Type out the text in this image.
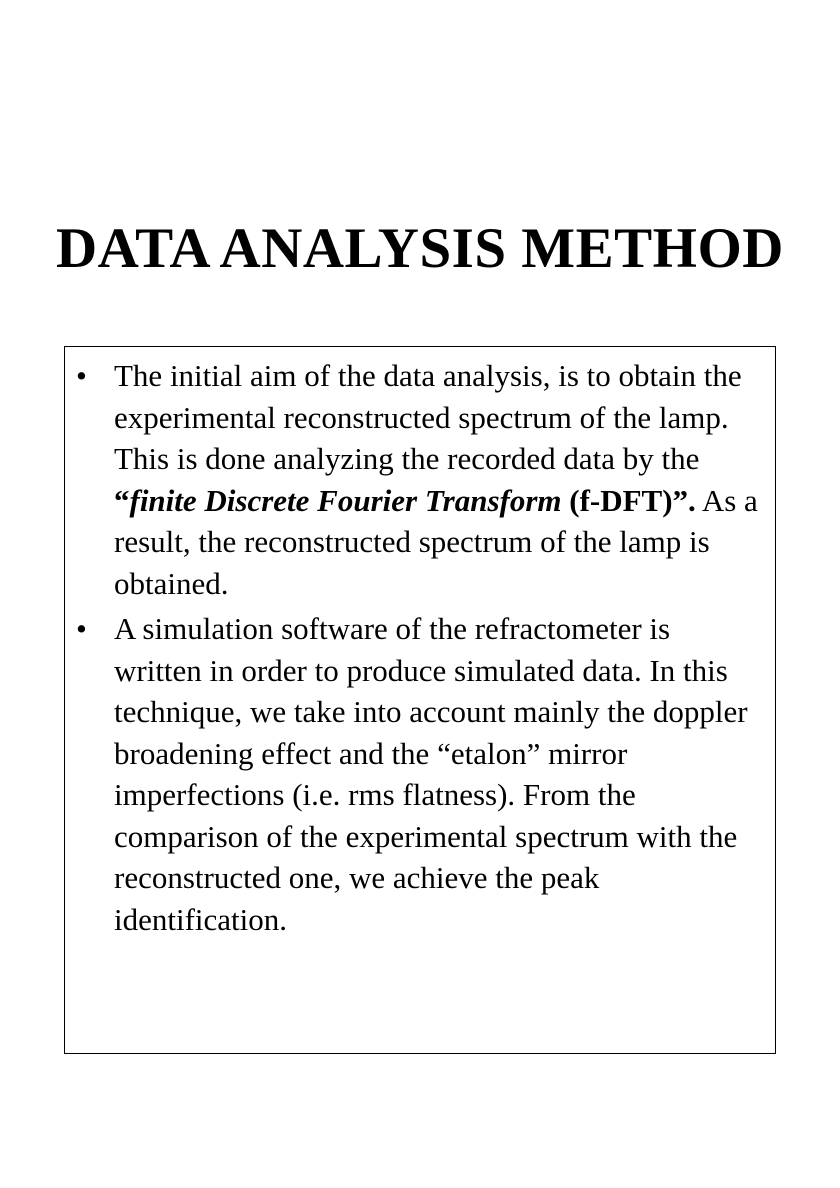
DATA ANALYSIS METHOD
• The initial aim of the data analysis, is to obtain the experimental reconstructed spectrum of the lamp. This is done analyzing the recorded data by the “finite Discrete Fourier Transform (f-DFT)”. As a result, the reconstructed spectrum of the lamp is obtained.
• A simulation software of the refractometer is written in order to produce simulated data. In this technique, we take into account mainly the doppler broadening effect and the “etalon” mirror imperfections (i.e. rms flatness). From the comparison of the experimental spectrum with the reconstructed one, we achieve the peak identification.
